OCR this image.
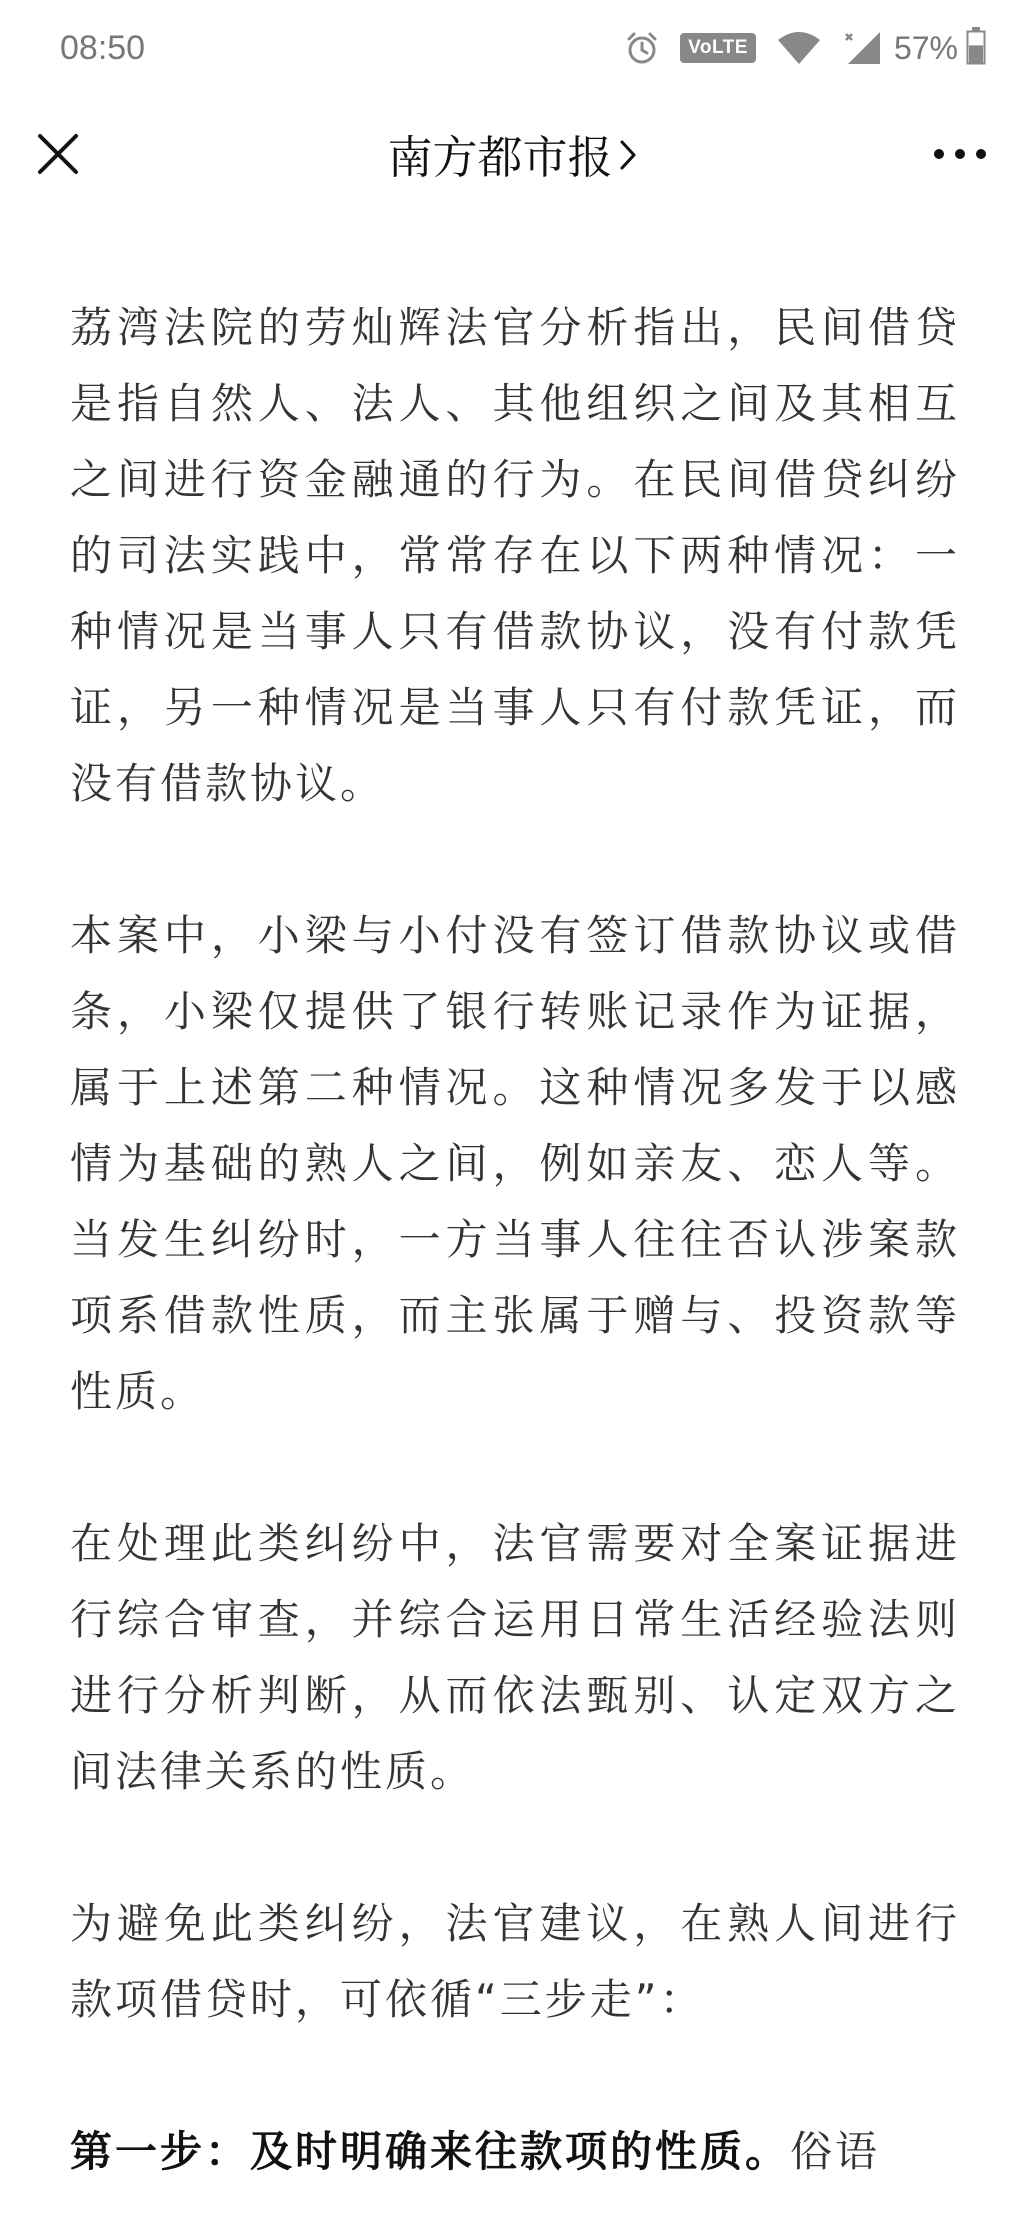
08:50	VoLTE	57%
南方都市报

荔湾法院的劳灿辉法官分析指出，民间借贷是指自然人、法人、其他组织之间及其相互之间进行资金融通的行为。在民间借贷纠纷的司法实践中，常常存在以下两种情况：一种情况是当事人只有借款协议，没有付款凭证，另一种情况是当事人只有付款凭证，而没有借款协议。

本案中，小梁与小付没有签订借款协议或借条，小梁仅提供了银行转账记录作为证据，属于上述第二种情况。这种情况多发于以感情为基础的熟人之间，例如亲友、恋人等。当发生纠纷时，一方当事人往往否认涉案款项系借款性质，而主张属于赠与、投资款等性质。

在处理此类纠纷中，法官需要对全案证据进行综合审查，并综合运用日常生活经验法则进行分析判断，从而依法甄别、认定双方之间法律关系的性质。

为避免此类纠纷，法官建议，在熟人间进行款项借贷时，可依循“三步走”：

第一步：及时明确来往款项的性质。俗语
